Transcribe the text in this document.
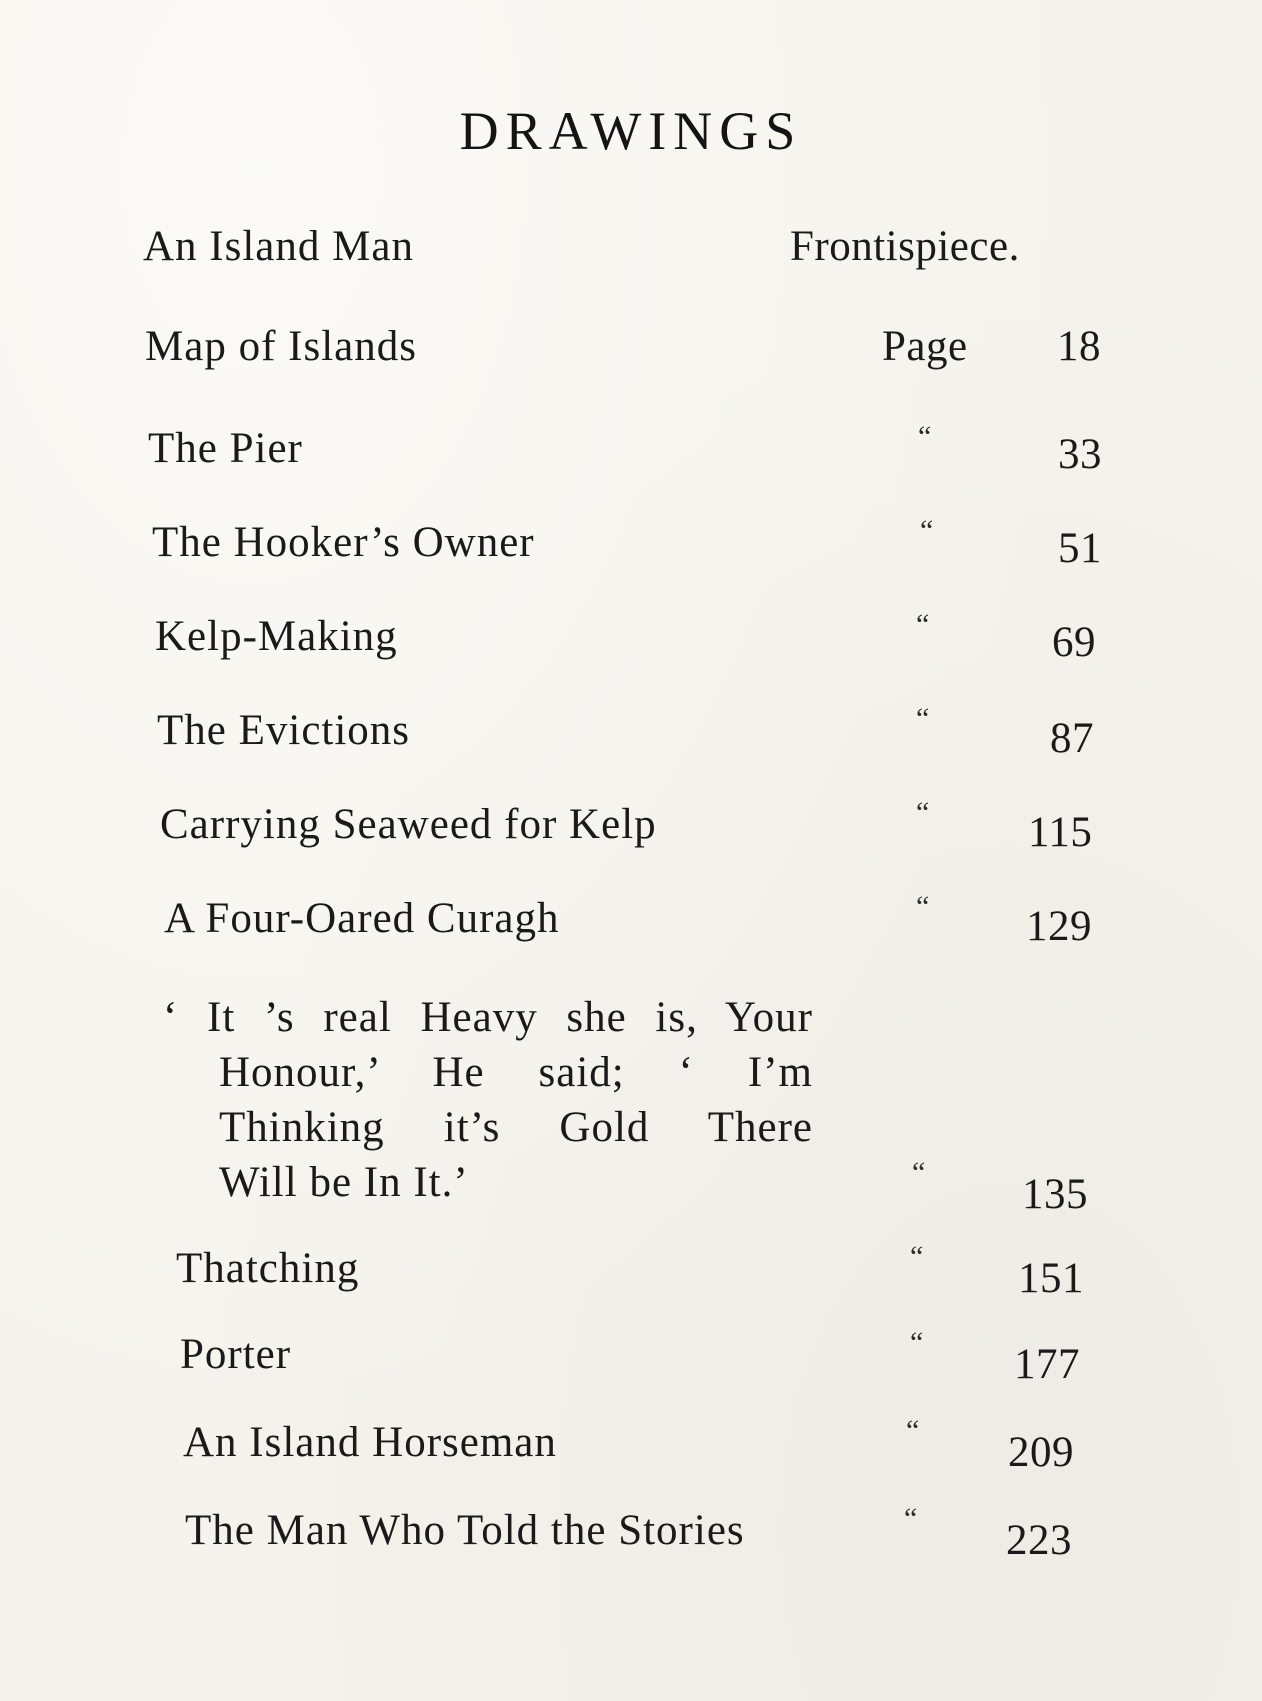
DRAWINGS
An Island Man	Frontispiece.
Map of Islands	Page 18
The Pier	“	33
The Hooker’s Owner	“	51
Kelp-Making	“	69
The Evictions	“	87
Carrying Seaweed for Kelp	“ 115
A Four-Oared Curagh	“ 129
‘ It ’s real Heavy she is, Your
Honour,’ He said; ‘ I’m
Thinking it’s Gold There
Will be In It.’	“ 135
Thatching	“ 151
Porter	“ 177
An Island Horseman	“ 209
The Man Who Told the Stories	“ 223
